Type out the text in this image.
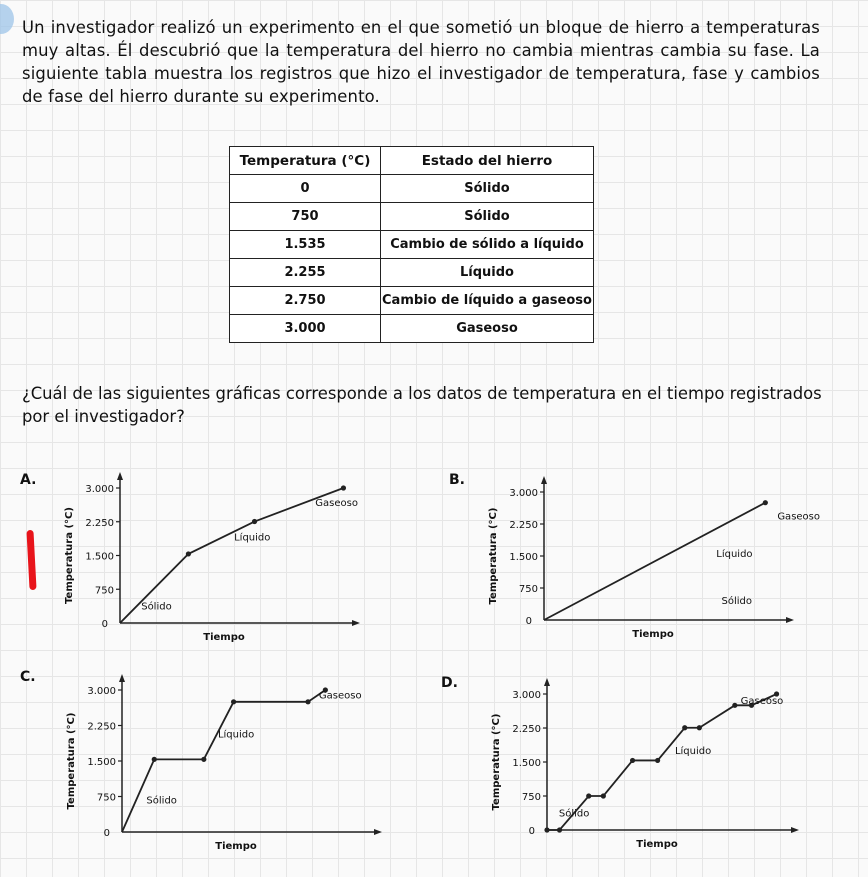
Un investigador realizó un experimento en el que sometió un bloque de hierro a temperaturas muy altas. Él descubrió que la temperatura del hierro no cambia mientras cambia su fase. La siguiente tabla muestra los registros que hizo el investigador de temperatura, fase y cambios de fase del hierro durante su experimento.

Temperatura (°C)	Estado del hierro
0	Sólido
750	Sólido
1.535	Cambio de sólido a líquido
2.255	Líquido
2.750	Cambio de líquido a gaseoso
3.000	Gaseoso

¿Cuál de las siguientes gráficas corresponde a los datos de temperatura en el tiempo registrados por el investigador?

A.	B.
C.	D.
0
750
1.500
2.250
3.000
Tiempo
Temperatura (°C)
Sólido
Líquido
Gaseoso
0
750
1.500
2.250
3.000
Tiempo
Temperatura (°C)	Sólido
Líquido
Gaseoso
0
750
1.500
2.250
3.000
Tiempo
Temperatura (°C)	Sólido
Líquido
Gaseoso
0
750
1.500
2.250
3.000
Tiempo
Temperatura (°C)
Sólido
Líquido
Gaseoso
